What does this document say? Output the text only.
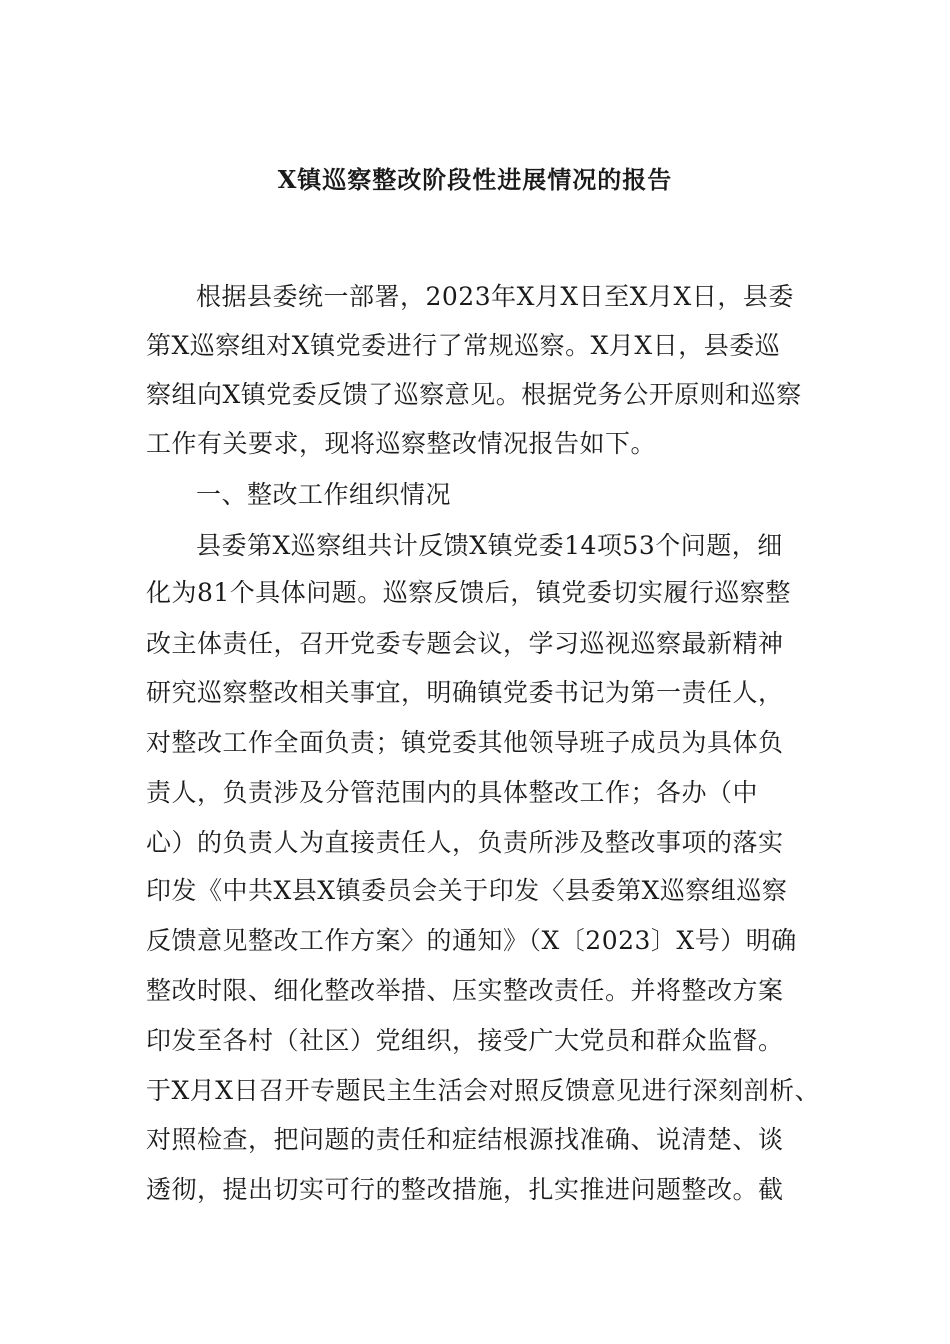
X镇巡察整改阶段性进展情况的报告
根据县委统一部署，2023年X月X日至X月X日，县委
第X巡察组对X镇党委进行了常规巡察。X月X日，县委巡
察组向X镇党委反馈了巡察意见。根据党务公开原则和巡察
工作有关要求，现将巡察整改情况报告如下。
一、整改工作组织情况
县委第X巡察组共计反馈X镇党委14项53个问题，细
化为81个具体问题。巡察反馈后，镇党委切实履行巡察整
改主体责任，召开党委专题会议，学习巡视巡察最新精神
研究巡察整改相关事宜，明确镇党委书记为第一责任人，
对整改工作全面负责；镇党委其他领导班子成员为具体负
责人，负责涉及分管范围内的具体整改工作；各办（中
心）的负责人为直接责任人，负责所涉及整改事项的落实
印发《中共X县X镇委员会关于印发〈县委第X巡察组巡察
反馈意见整改工作方案〉的通知》（X〔2023〕X号）明确
整改时限、细化整改举措、压实整改责任。并将整改方案
印发至各村（社区）党组织，接受广大党员和群众监督。
于X月X日召开专题民主生活会对照反馈意见进行深刻剖析、
对照检查，把问题的责任和症结根源找准确、说清楚、谈
透彻，提出切实可行的整改措施，扎实推进问题整改。截
